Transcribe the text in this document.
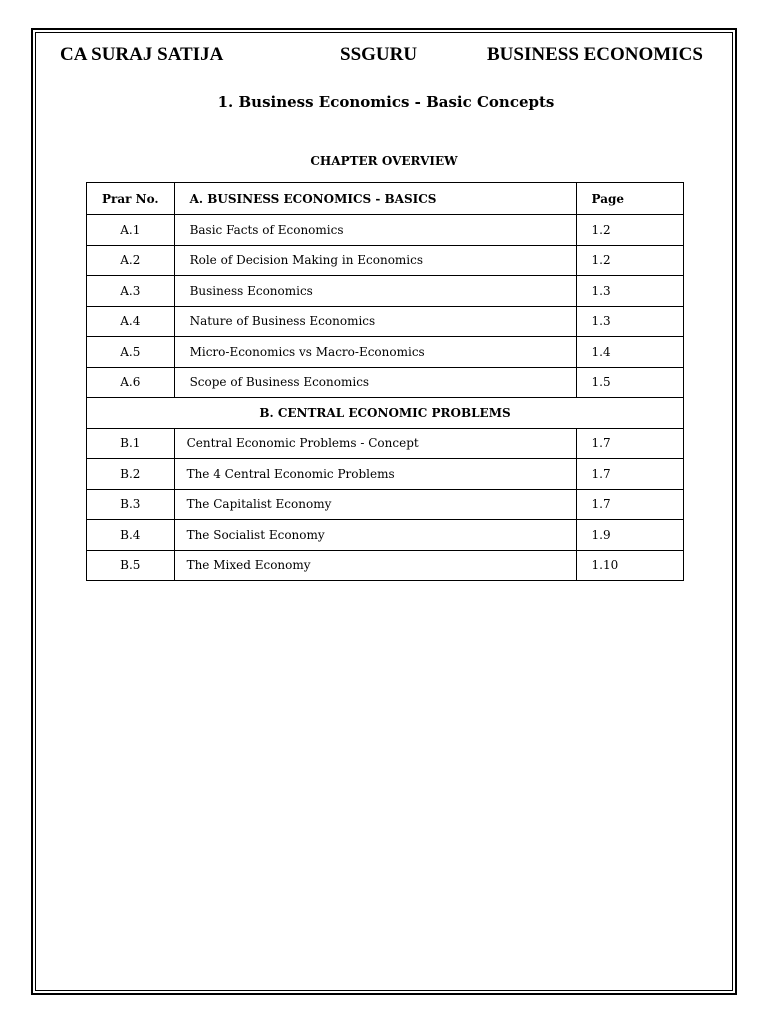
CA SURAJ SATIJA	SSGURU	BUSINESS ECONOMICS
1. Business Economics - Basic Concepts
CHAPTER OVERVIEW
Prar No.	A. BUSINESS ECONOMICS - BASICS	Page
A.1	Basic Facts of Economics	1.2
A.2	Role of Decision Making in Economics	1.2
A.3	Business Economics	1.3
A.4	Nature of Business Economics	1.3
A.5	Micro-Economics vs Macro-Economics	1.4
A.6	Scope of Business Economics	1.5
B. CENTRAL ECONOMIC PROBLEMS		
B.1	Central Economic Problems - Concept	1.7
B.2	The 4 Central Economic Problems	1.7
B.3	The Capitalist Economy	1.7
B.4	The Socialist Economy	1.9
B.5	The Mixed Economy	1.10
